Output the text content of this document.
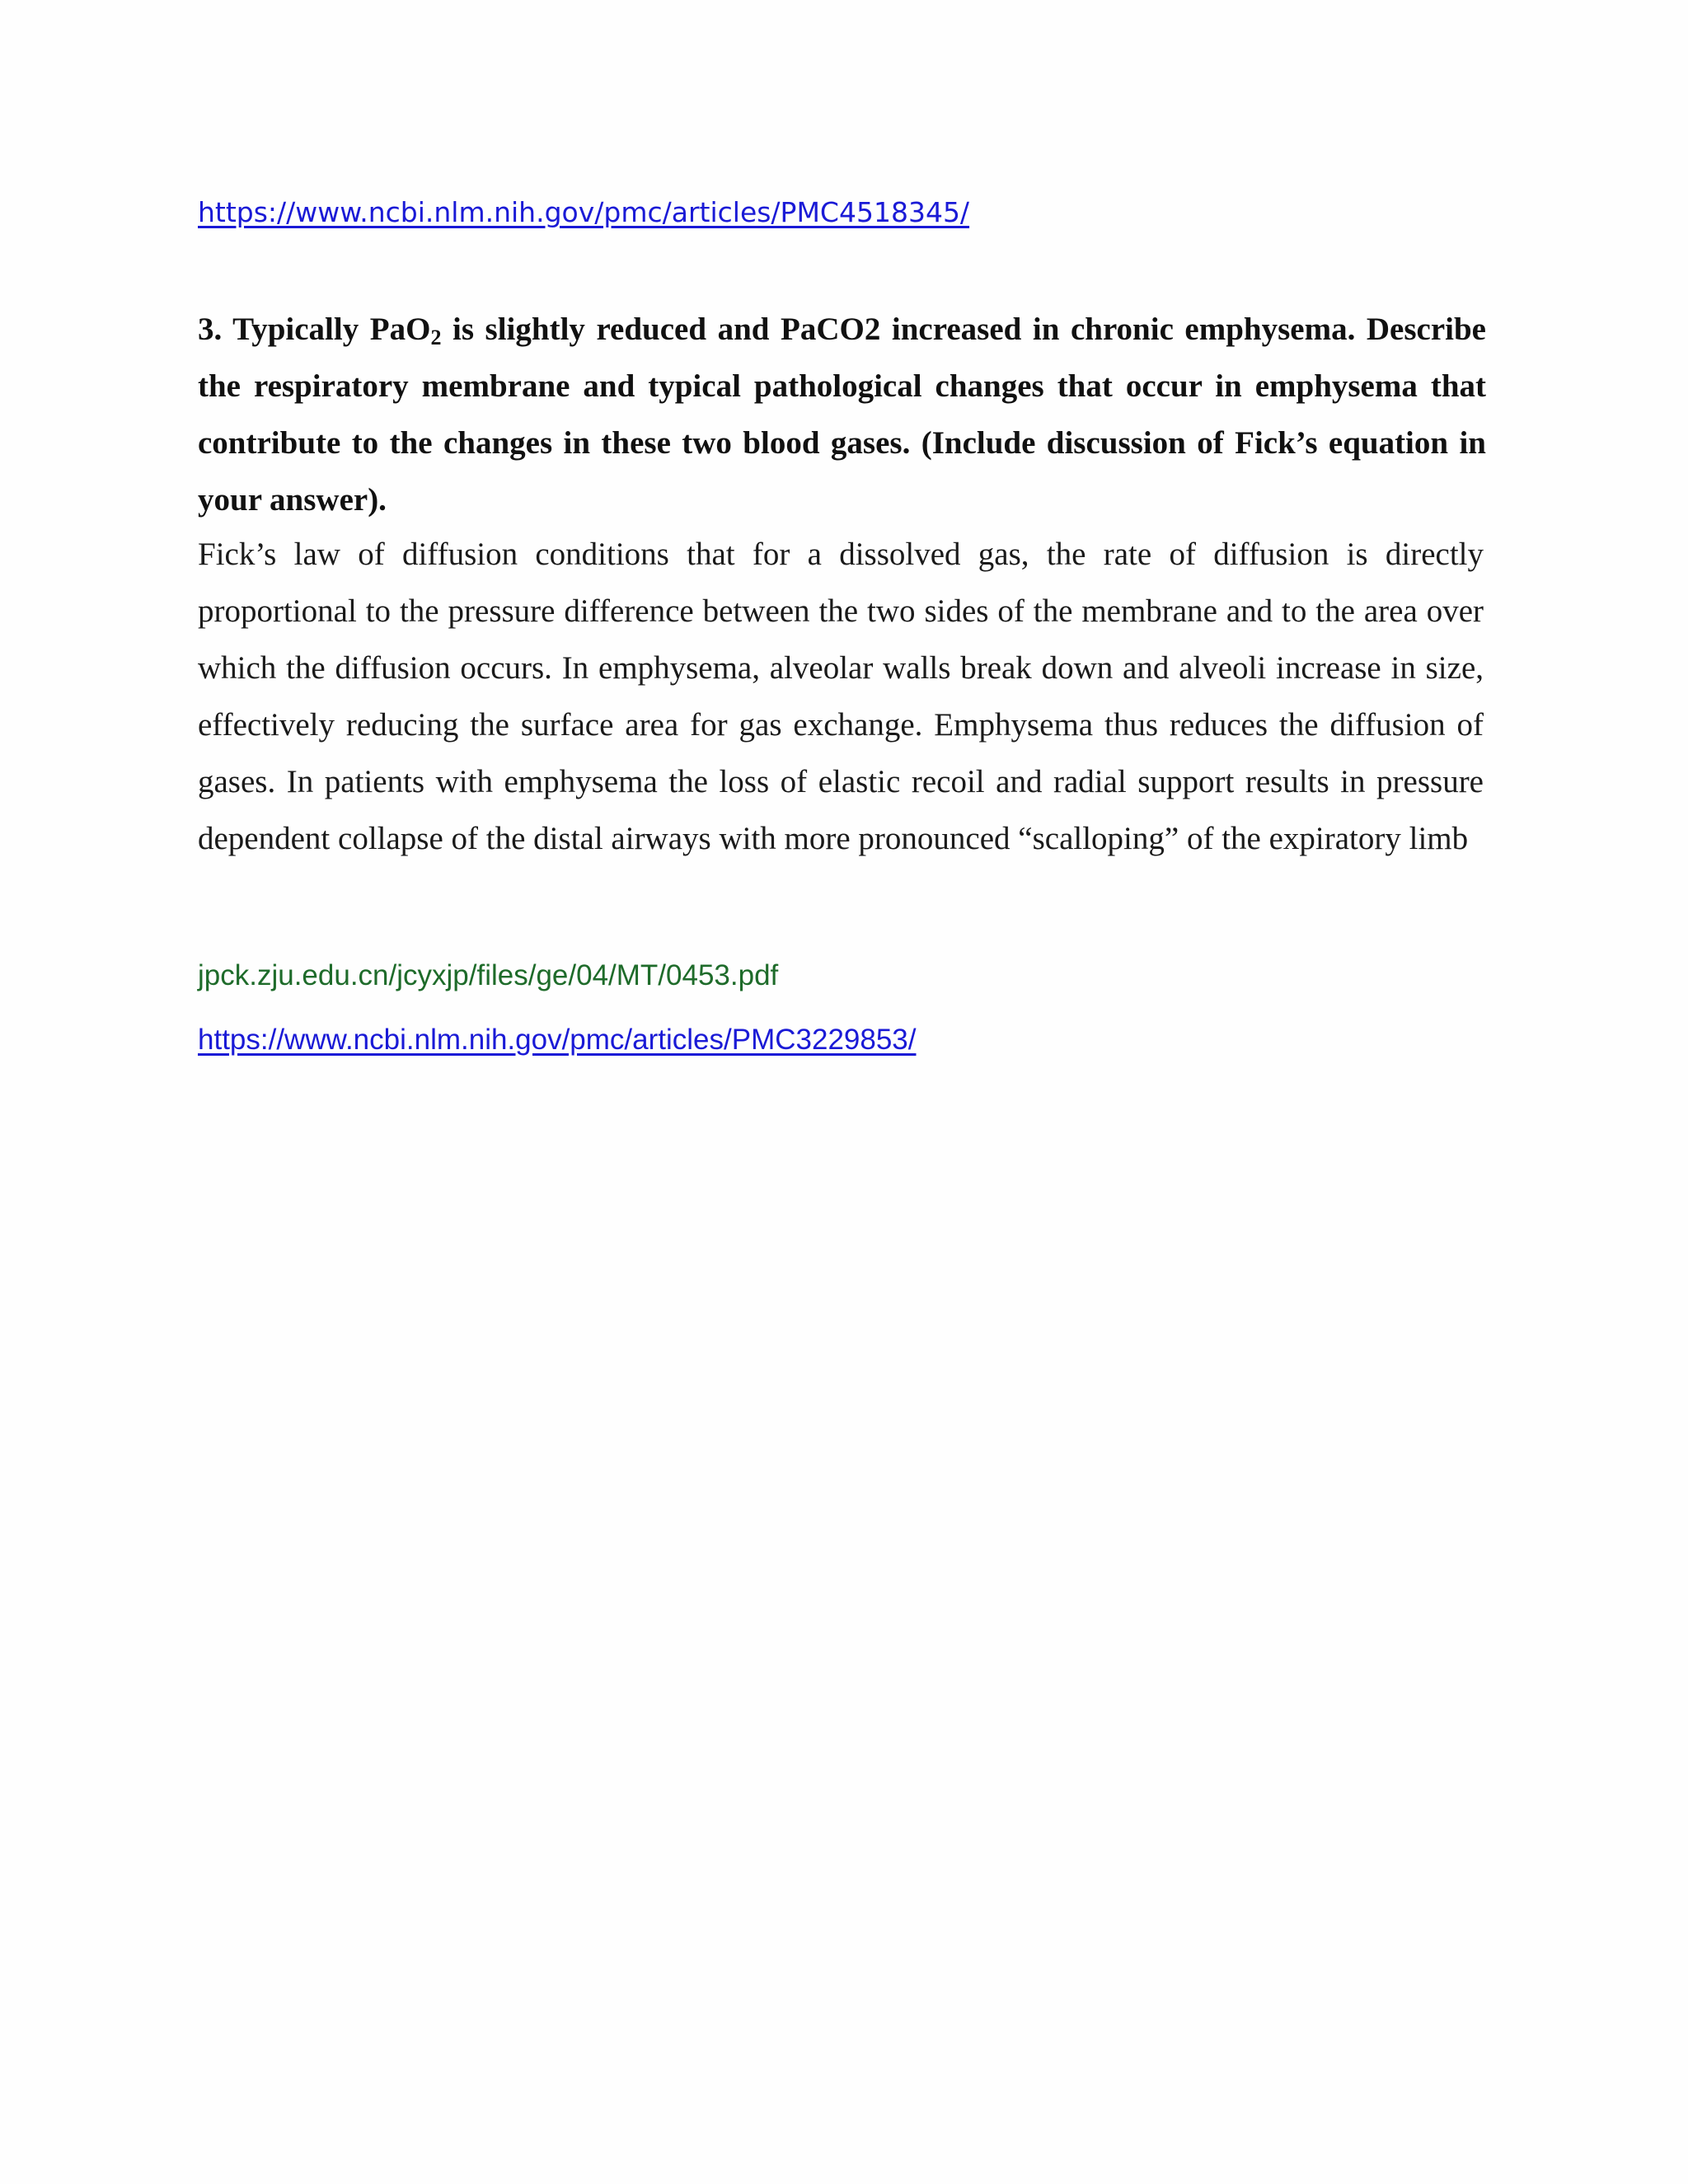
https://www.ncbi.nlm.nih.gov/pmc/articles/PMC4518345/

3. Typically PaO$_2$ is slightly reduced and PaCO2 increased in chronic emphysema. Describe the respiratory membrane and typical pathological changes that occur in emphysema that contribute to the changes in these two blood gases. (Include discussion of Fick’s equation in your answer).

Fick’s law of diffusion conditions that for a dissolved gas, the rate of diffusion is directly proportional to the pressure difference between the two sides of the membrane and to the area over which the diffusion occurs. In emphysema, alveolar walls break down and alveoli increase in size, effectively reducing the surface area for gas exchange. Emphysema thus reduces the diffusion of gases. In patients with emphysema the loss of elastic recoil and radial support results in pressure dependent collapse of the distal airways with more pronounced “scalloping” of the expiratory limb

jpck.zju.edu.cn/jcyxjp/files/ge/04/MT/0453.pdf
https://www.ncbi.nlm.nih.gov/pmc/articles/PMC3229853/
